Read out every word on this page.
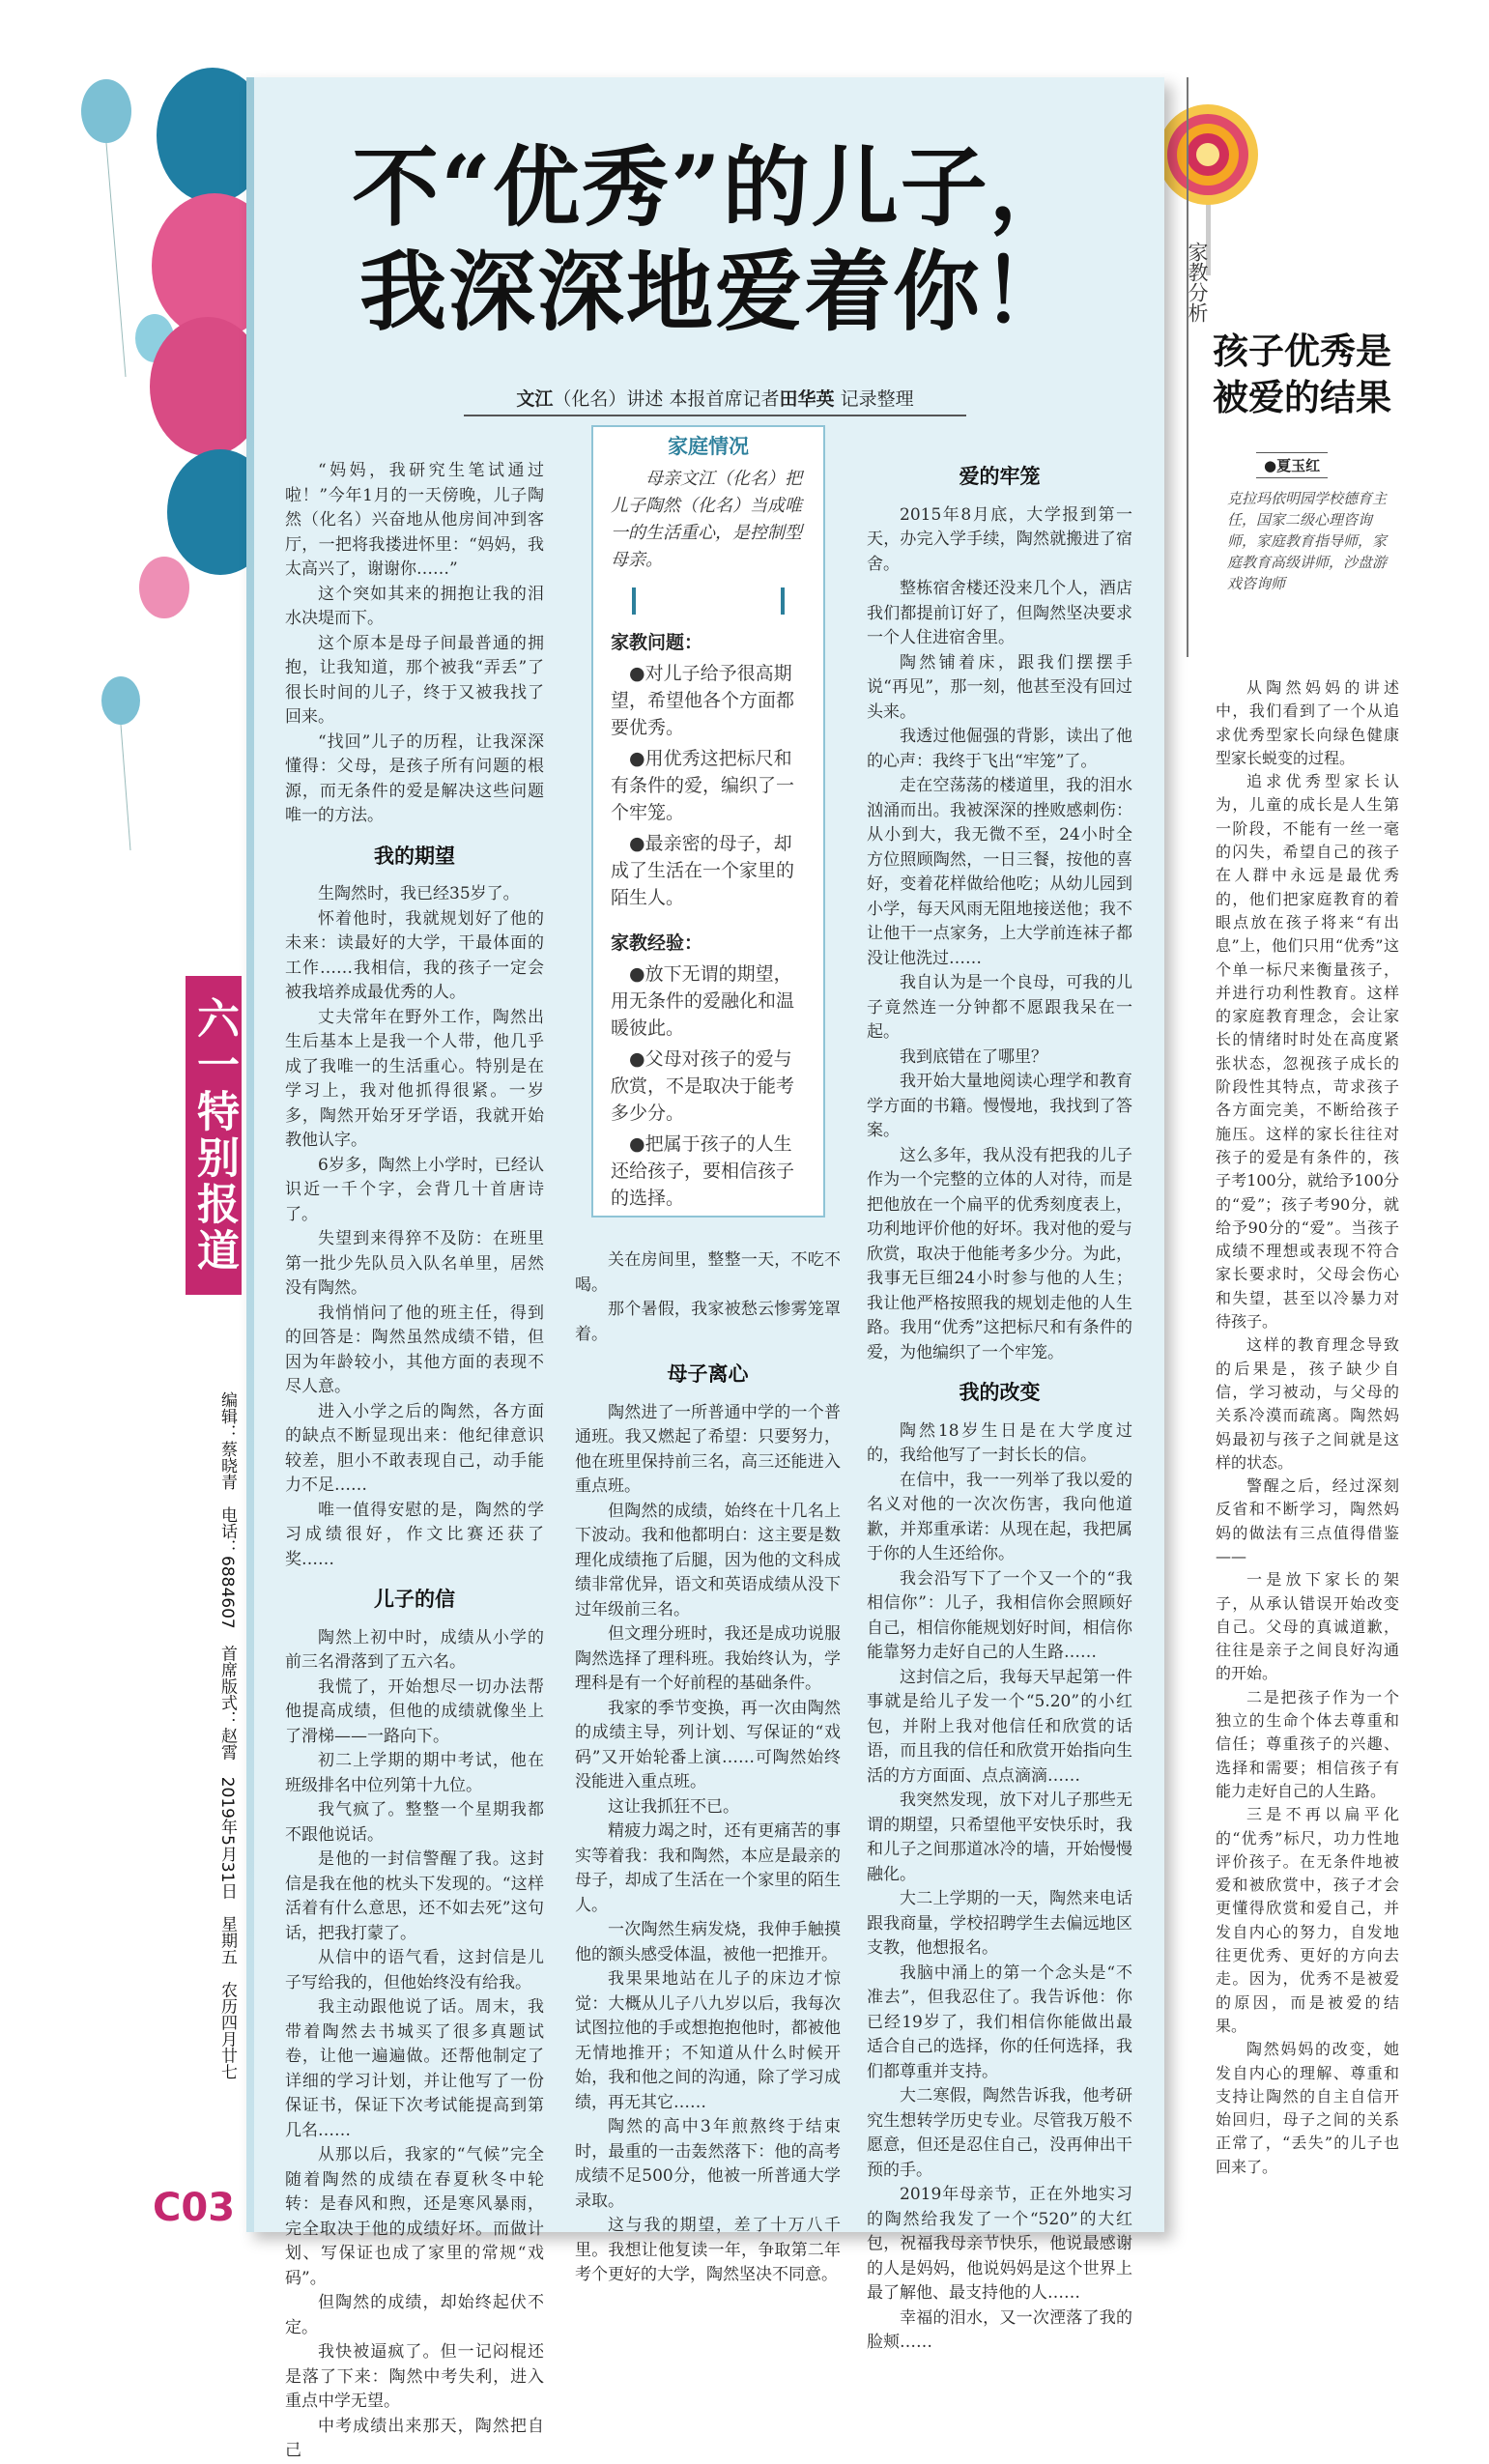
不“优秀”的儿子，
我深深地爱着你！
文江（化名）讲述 本报首席记者田华英 记录整理

“妈妈，我研究生笔试通过啦！”今年1月的一天傍晚，儿子陶然（化名）兴奋地从他房间冲到客厅，一把将我搂进怀里：“妈妈，我太高兴了，谢谢你……”

这个突如其来的拥抱让我的泪水决堤而下。

这个原本是母子间最普通的拥抱，让我知道，那个被我“弄丢”了很长时间的儿子，终于又被我找了回来。

“找回”儿子的历程，让我深深懂得：父母，是孩子所有问题的根源，而无条件的爱是解决这些问题唯一的方法。

我的期望

生陶然时，我已经35岁了。

怀着他时，我就规划好了他的未来：读最好的大学，干最体面的工作……我相信，我的孩子一定会被我培养成最优秀的人。

丈夫常年在野外工作，陶然出生后基本上是我一个人带，他几乎成了我唯一的生活重心。特别是在学习上，我对他抓得很紧。一岁多，陶然开始牙牙学语，我就开始教他认字。

6岁多，陶然上小学时，已经认识近一千个字，会背几十首唐诗了。

失望到来得猝不及防：在班里第一批少先队员入队名单里，居然没有陶然。

我悄悄问了他的班主任，得到的回答是：陶然虽然成绩不错，但因为年龄较小，其他方面的表现不尽人意。

进入小学之后的陶然，各方面的缺点不断显现出来：他纪律意识较差，胆小不敢表现自己，动手能力不足……

唯一值得安慰的是，陶然的学习成绩很好，作文比赛还获了奖……

儿子的信

陶然上初中时，成绩从小学的前三名滑落到了五六名。

我慌了，开始想尽一切办法帮他提高成绩，但他的成绩就像坐上了滑梯——一路向下。

初二上学期的期中考试，他在班级排名中位列第十九位。

我气疯了。整整一个星期我都不跟他说话。

是他的一封信警醒了我。这封信是我在他的枕头下发现的。“这样活着有什么意思，还不如去死”这句话，把我打蒙了。

从信中的语气看，这封信是儿子写给我的，但他始终没有给我。

我主动跟他说了话。周末，我带着陶然去书城买了很多真题试卷，让他一遍遍做。还帮他制定了详细的学习计划，并让他写了一份保证书，保证下次考试能提高到第几名……

从那以后，我家的“气候”完全随着陶然的成绩在春夏秋冬中轮转：是春风和煦，还是寒风暴雨，完全取决于他的成绩好坏。而做计划、写保证也成了家里的常规“戏码”。

但陶然的成绩，却始终起伏不定。

我快被逼疯了。但一记闷棍还是落了下来：陶然中考失利，进入重点中学无望。

中考成绩出来那天，陶然把自己

家庭情况
母亲文江（化名）把儿子陶然（化名）当成唯一的生活重心，是控制型母亲。
家教问题：
●对儿子给予很高期望，希望他各个方面都要优秀。
●用优秀这把标尺和有条件的爱，编织了一个牢笼。
●最亲密的母子，却成了生活在一个家里的陌生人。
家教经验：
●放下无谓的期望，用无条件的爱融化和温暖彼此。
●父母对孩子的爱与欣赏，不是取决于能考多少分。
●把属于孩子的人生还给孩子，要相信孩子的选择。

关在房间里，整整一天，不吃不喝。

那个暑假，我家被愁云惨雾笼罩着。

母子离心

陶然进了一所普通中学的一个普通班。我又燃起了希望：只要努力，他在班里保持前三名，高三还能进入重点班。

但陶然的成绩，始终在十几名上下波动。我和他都明白：这主要是数理化成绩拖了后腿，因为他的文科成绩非常优异，语文和英语成绩从没下过年级前三名。

但文理分班时，我还是成功说服陶然选择了理科班。我始终认为，学理科是有一个好前程的基础条件。

我家的季节变换，再一次由陶然的成绩主导，列计划、写保证的“戏码”又开始轮番上演……可陶然始终没能进入重点班。

这让我抓狂不已。

精疲力竭之时，还有更痛苦的事实等着我：我和陶然，本应是最亲的母子，却成了生活在一个家里的陌生人。

一次陶然生病发烧，我伸手触摸他的额头感受体温，被他一把推开。

我果果地站在儿子的床边才惊觉：大概从儿子八九岁以后，我每次试图拉他的手或想抱抱他时，都被他无情地推开；不知道从什么时候开始，我和他之间的沟通，除了学习成绩，再无其它……

陶然的高中3年煎熬终于结束时，最重的一击轰然落下：他的高考成绩不足500分，他被一所普通大学录取。

这与我的期望，差了十万八千里。我想让他复读一年，争取第二年考个更好的大学，陶然坚决不同意。

爱的牢笼

2015年8月底，大学报到第一天，办完入学手续，陶然就搬进了宿舍。

整栋宿舍楼还没来几个人，酒店我们都提前订好了，但陶然坚决要求一个人住进宿舍里。

陶然铺着床，跟我们摆摆手说“再见”，那一刻，他甚至没有回过头来。

我透过他倔强的背影，读出了他的心声：我终于飞出“牢笼”了。

走在空荡荡的楼道里，我的泪水汹涌而出。我被深深的挫败感刺伤：从小到大，我无微不至，24小时全方位照顾陶然，一日三餐，按他的喜好，变着花样做给他吃；从幼儿园到小学，每天风雨无阻地接送他；我不让他干一点家务，上大学前连袜子都没让他洗过……

我自认为是一个良母，可我的儿子竟然连一分钟都不愿跟我呆在一起。

我到底错在了哪里？

我开始大量地阅读心理学和教育学方面的书籍。慢慢地，我找到了答案。

这么多年，我从没有把我的儿子作为一个完整的立体的人对待，而是把他放在一个扁平的优秀刻度表上，功利地评价他的好坏。我对他的爱与欣赏，取决于他能考多少分。为此，我事无巨细24小时参与他的人生；我让他严格按照我的规划走他的人生路。我用“优秀”这把标尺和有条件的爱，为他编织了一个牢笼。

我的改变

陶然18岁生日是在大学度过的，我给他写了一封长长的信。

在信中，我一一列举了我以爱的名义对他的一次次伤害，我向他道歉，并郑重承诺：从现在起，我把属于你的人生还给你。

我会沿写下了一个又一个的“我相信你”：儿子，我相信你会照顾好自己，相信你能规划好时间，相信你能靠努力走好自己的人生路……

这封信之后，我每天早起第一件事就是给儿子发一个“5.20”的小红包，并附上我对他信任和欣赏的话语，而且我的信任和欣赏开始指向生活的方方面面、点点滴滴……

我突然发现，放下对儿子那些无谓的期望，只希望他平安快乐时，我和儿子之间那道冰冷的墙，开始慢慢融化。

大二上学期的一天，陶然来电话跟我商量，学校招聘学生去偏远地区支教，他想报名。

我脑中涌上的第一个念头是“不准去”，但我忍住了。我告诉他：你已经19岁了，我们相信你能做出最适合自己的选择，你的任何选择，我们都尊重并支持。

大二寒假，陶然告诉我，他考研究生想转学历史专业。尽管我万般不愿意，但还是忍住自己，没再伸出干预的手。

2019年母亲节，正在外地实习的陶然给我发了一个“520”的大红包，祝福我母亲节快乐，他说最感谢的人是妈妈，他说妈妈是这个世界上最了解他、最支持他的人……

幸福的泪水，又一次湮落了我的脸颊……

家教分析
孩子优秀是
被爱的结果
●夏玉红
克拉玛依明园学校德育主任，国家二级心理咨询师，家庭教育指导师，家庭教育高级讲师，沙盘游戏咨询师

从陶然妈妈的讲述中，我们看到了一个从追求优秀型家长向绿色健康型家长蜕变的过程。

追求优秀型家长认为，儿童的成长是人生第一阶段，不能有一丝一毫的闪失，希望自己的孩子在人群中永远是最优秀的，他们把家庭教育的着眼点放在孩子将来“有出息”上，他们只用“优秀”这个单一标尺来衡量孩子，并进行功利性教育。这样的家庭教育理念，会让家长的情绪时时处在高度紧张状态，忽视孩子成长的阶段性其特点，苛求孩子各方面完美，不断给孩子施压。这样的家长往往对孩子的爱是有条件的，孩子考100分，就给予100分的“爱”；孩子考90分，就给予90分的“爱”。当孩子成绩不理想或表现不符合家长要求时，父母会伤心和失望，甚至以冷暴力对待孩子。

这样的教育理念导致的后果是，孩子缺少自信，学习被动，与父母的关系冷漠而疏离。陶然妈妈最初与孩子之间就是这样的状态。

警醒之后，经过深刻反省和不断学习，陶然妈妈的做法有三点值得借鉴——

一是放下家长的架子，从承认错误开始改变自己。父母的真诚道歉，往往是亲子之间良好沟通的开始。

二是把孩子作为一个独立的生命个体去尊重和信任；尊重孩子的兴趣、选择和需要；相信孩子有能力走好自己的人生路。

三是不再以扁平化的“优秀”标尺，功力性地评价孩子。在无条件地被爱和被欣赏中，孩子才会更懂得欣赏和爱自己，并发自内心的努力，自发地往更优秀、更好的方向去走。因为，优秀不是被爱的原因，而是被爱的结果。

陶然妈妈的改变，她发自内心的理解、尊重和支持让陶然的自主自信开始回归，母子之间的关系正常了，“丢失”的儿子也回来了。

六一特别报道
编辑：蔡晓青　电话：6884607　首席版式：赵霄　2019年5月31日　星期五　农历四月廿七
C03
